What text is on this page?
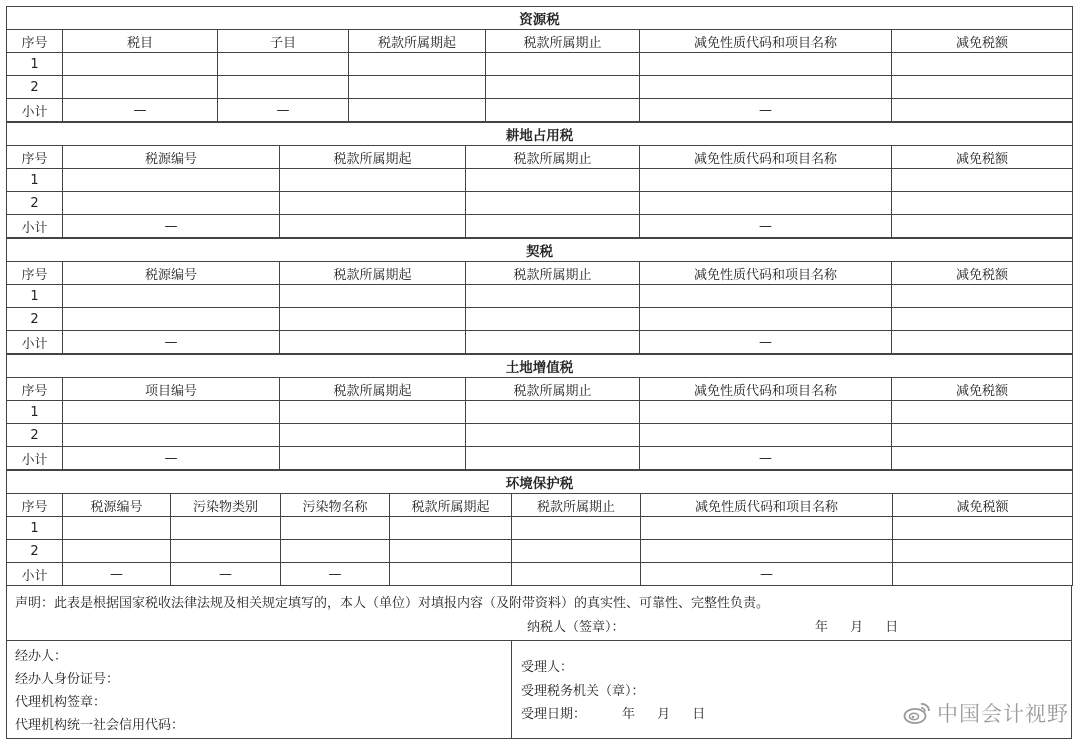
资源税						
序号	税目	子目	税款所属期起	税款所属期止	减免性质代码和项目名称	减免税额
1						
2						
小计	—	—			—	
耕地占用税					
序号	税源编号	税款所属期起	税款所属期止	减免性质代码和项目名称	减免税额
1					
2					
小计	—			—	
契税					
序号	税源编号	税款所属期起	税款所属期止	减免性质代码和项目名称	减免税额
1					
2					
小计	—			—	
土地增值税					
序号	项目编号	税款所属期起	税款所属期止	减免性质代码和项目名称	减免税额
1					
2					
小计	—			—	
环境保护税							
序号	税源编号	污染物类别	污染物名称	税款所属期起	税款所属期止	减免性质代码和项目名称	减免税额
1							
2							
小计	—	—	—			—	
声明：此表是根据国家税收法律法规及相关规定填写的，本人（单位）对填报内容（及附带资料）的真实性、可靠性、完整性负责。
纳税人（签章）：	年 月 日
经办人：
经办人身份证号：
代理机构签章：
代理机构统一社会信用代码：
受理人：
受理税务机关（章）：
受理日期：	年 月 日	中国会计视野
